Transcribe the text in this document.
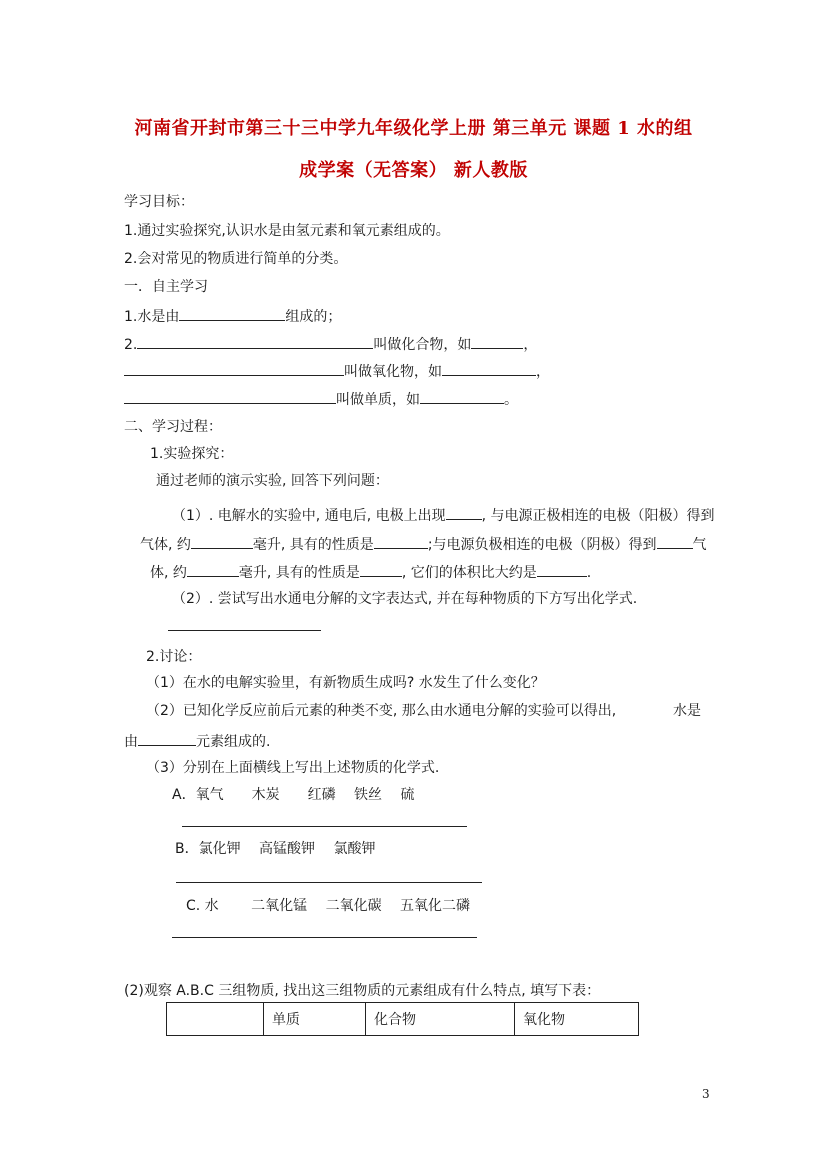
河南省开封市第三十三中学九年级化学上册 第三单元 课题 1 水的组
成学案（无答案） 新人教版
学习目标：
1.通过实验探究,认识水是由氢元素和氧元素组成的。
2.会对常见的物质进行简单的分类。
一．自主学习
1.水是由	组成的；
2.	叫做化合物，如	，
叫做氧化物，如	，
叫做单质，如	。
二、学习过程：
1.实验探究：
通过老师的演示实验, 回答下列问题：
（1）. 电解水的实验中, 通电后, 电极上出现	, 与电源正极相连的电极（阳极）得到
气体, 约	毫升, 具有的性质是	;与电源负极相连的电极（阴极）得到	气
体, 约	毫升, 具有的性质是	, 它们的体积比大约是	.
（2）. 尝试写出水通电分解的文字表达式, 并在每种物质的下方写出化学式.
2.讨论：
（1）在水的电解实验里，有新物质生成吗? 水发生了什么变化？
（2）已知化学反应前后元素的种类不变, 那么由水通电分解的实验可以得出,	水是
由	元素组成的.
（3）分别在上面横线上写出上述物质的化学式.
A．氧气　　木炭　　红磷　 铁丝　 硫
B．氯化钾　 高锰酸钾　 氯酸钾
C. 水　　 二氧化锰　 二氧化碳　 五氧化二磷
(2)观察 A.B.C 三组物质, 找出这三组物质的元素组成有什么特点, 填写下表：
	单质	化合物	氧化物
3
